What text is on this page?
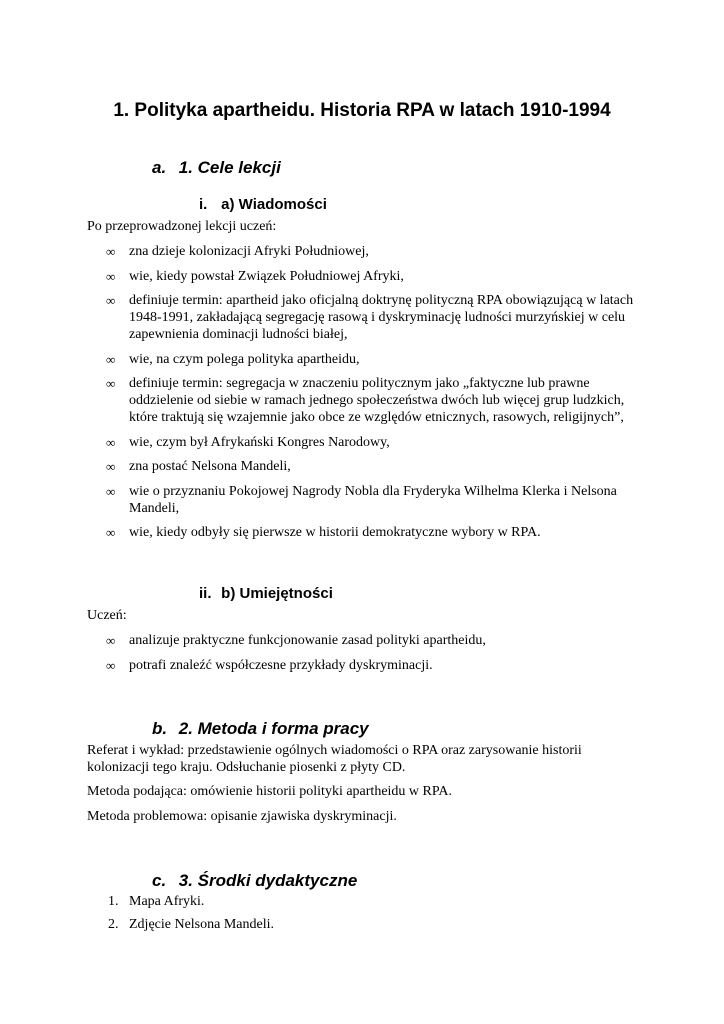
1. Polityka apartheidu. Historia RPA w latach 1910-1994
a. 1. Cele lekcji
i. a) Wiadomości

Po przeprowadzonej lekcji uczeń:

∞ zna dzieje kolonizacji Afryki Południowej,
∞ wie, kiedy powstał Związek Południowej Afryki,
∞ definiuje termin: apartheid jako oficjalną doktrynę polityczną RPA obowiązującą w latach 1948-1991, zakładającą segregację rasową i dyskryminację ludności murzyńskiej w celu zapewnienia dominacji ludności białej,
∞ wie, na czym polega polityka apartheidu,
∞ definiuje termin: segregacja w znaczeniu politycznym jako „faktyczne lub prawne oddzielenie od siebie w ramach jednego społeczeństwa dwóch lub więcej grup ludzkich, które traktują się wzajemnie jako obce ze względów etnicznych, rasowych, religijnych”,
∞ wie, czym był Afrykański Kongres Narodowy,
∞ zna postać Nelsona Mandeli,
∞ wie o przyznaniu Pokojowej Nagrody Nobla dla Fryderyka Wilhelma Klerka i Nelsona Mandeli,
∞ wie, kiedy odbyły się pierwsze w historii demokratyczne wybory w RPA.
ii. b) Umiejętności

Uczeń:

∞ analizuje praktyczne funkcjonowanie zasad polityki apartheidu,
∞ potrafi znaleźć współczesne przykłady dyskryminacji.
b. 2. Metoda i forma pracy

Referat i wykład: przedstawienie ogólnych wiadomości o RPA oraz zarysowanie historii kolonizacji tego kraju. Odsłuchanie piosenki z płyty CD.

Metoda podająca: omówienie historii polityki apartheidu w RPA.

Metoda problemowa: opisanie zjawiska dyskryminacji.

c. 3. Środki dydaktyczne
1. Mapa Afryki.
2. Zdjęcie Nelsona Mandeli.
